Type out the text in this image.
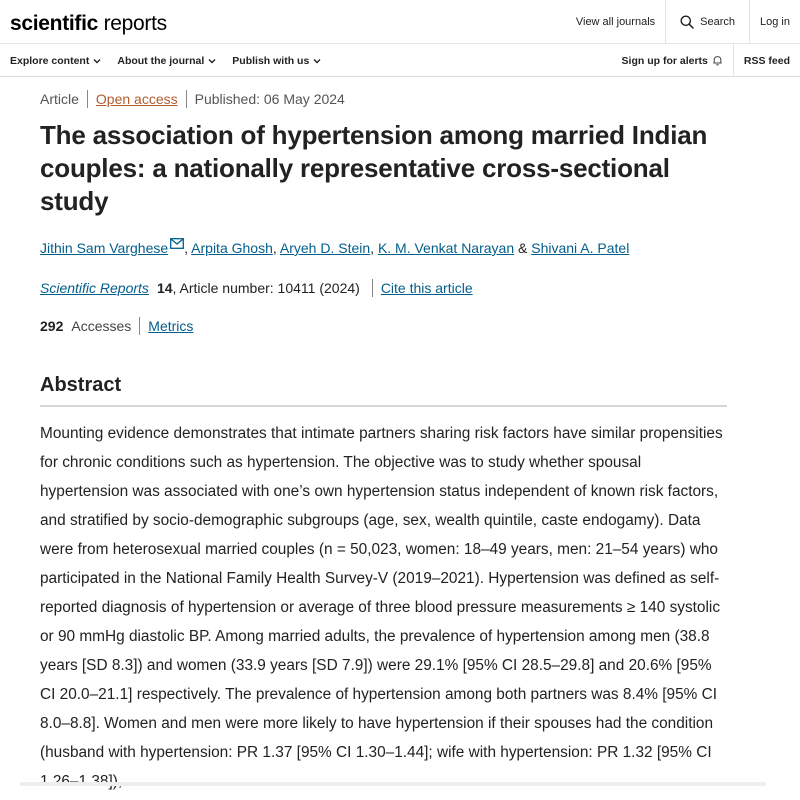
scientific reports	View all journals	Search	Log in
Explore content	About the journal	Publish with us	Sign up for alerts	RSS feed
Article Open access Published: 06 May 2024
The association of hypertension among married Indian couples: a nationally representative cross-sectional study
Jithin Sam Varghese , Arpita Ghosh, Aryeh D. Stein, K. M. Venkat Narayan & Shivani A. Patel
Scientific Reports 14 , Article number: 10411 (2024) Cite this article
292 Accesses Metrics
Abstract

Mounting evidence demonstrates that intimate partners sharing risk factors have similar propensities for chronic conditions such as hypertension. The objective was to study whether spousal hypertension was associated with one’s own hypertension status independent of known risk factors, and stratified by socio-demographic subgroups (age, sex, wealth quintile, caste endogamy). Data were from heterosexual married couples (n = 50,023, women: 18–49 years, men: 21–54 years) who participated in the National Family Health Survey-V (2019–2021). Hypertension was defined as self-reported diagnosis of hypertension or average of three blood pressure measurements ≥ 140 systolic or 90 mmHg diastolic BP. Among married adults, the prevalence of hypertension among men (38.8 years [SD 8.3]) and women (33.9 years [SD 7.9]) were 29.1% [95% CI 28.5–29.8] and 20.6% [95% CI 20.0–21.1] respectively. The prevalence of hypertension among both partners was 8.4% [95% CI 8.0–8.8]. Women and men were more likely to have hypertension if their spouses had the condition (husband with hypertension: PR 1.37 [95% CI 1.30–1.44]; wife with hypertension: PR 1.32 [95% CI
